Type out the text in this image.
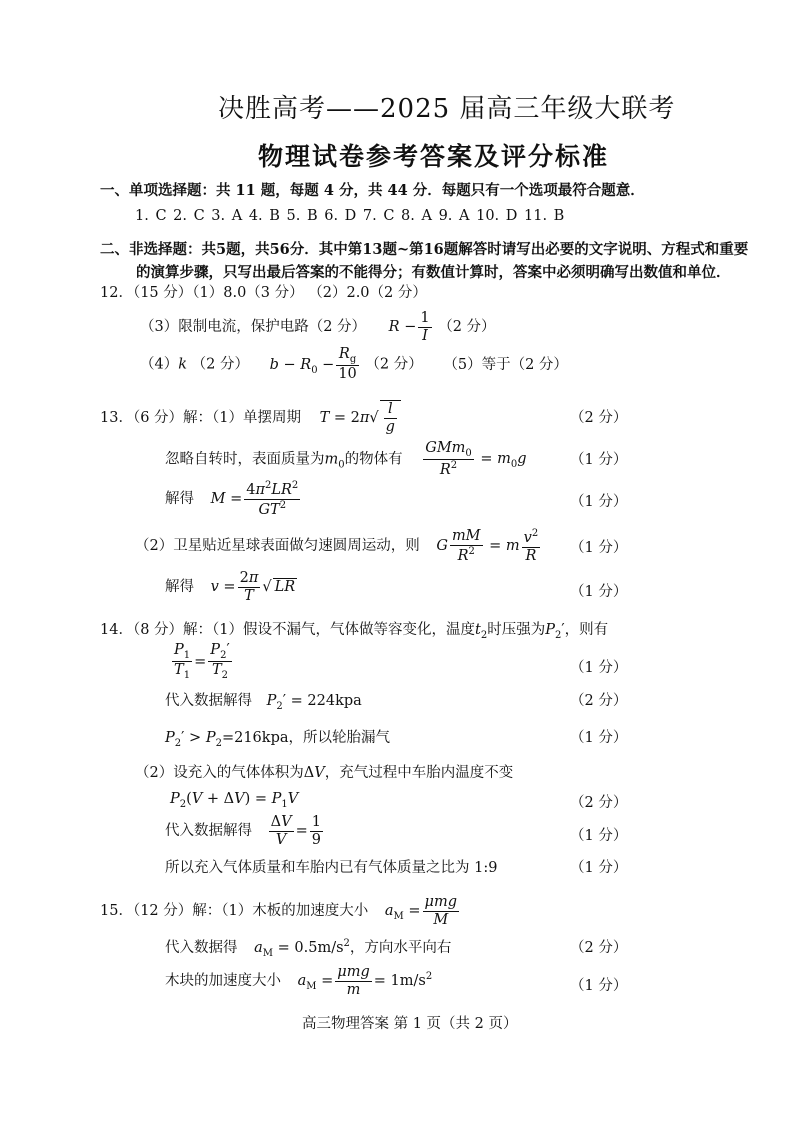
决胜高考——2025 届高三年级大联考
物理试卷参考答案及评分标准
一、单项选择题：共 11 题，每题 4 分，共 44 分．每题只有一个选项最符合题意．
1. C 2. C 3. A 4. B 5. B 6. D 7. C 8. A 9. A 10. D 11. B
二、非选择题：共5题，共56分．其中第13题~第16题解答时请写出必要的文字说明、方程式和重要
的演算步骤，只写出最后答案的不能得分；有数值计算时，答案中必须明确写出数值和单位．
12．（15 分）（1）8.0（3 分） （2）2.0（2 分）
（3）限制电流，保护电路（2 分） $R - \frac{1}{I} (2$ 分）
（4）k （2 分） $b - R_0 - \frac{R_g}{10} (2$ 分） （5）等于（2 分）
13．（6 分）解：（1）单摆周期 $T = 2\pi√ \frac{l}{g}$	（2 分）
忽略自转时，表面质量为$m_0$的物体有 $\frac{GMm_0}{R^2} = m_0g$	（1 分）
解得 $M = \frac{4\pi^2LR^2}{GT^2}$	（1 分）
（2）卫星贴近星球表面做匀速圆周运动，则 G $\frac{mM}{R^2} = m \frac{v^2}{R} (1$ 分）
解得 $v = \frac{2\pi}{T}$ √ LR	（1 分）
14．（8 分）解：（1）假设不漏气，气体做等容变化，温度$t_2$时压强为$P_2'$，则有
$\frac{P_1}{T_1} = \frac{P_2'}{T_2}$	（1 分）
代入数据解得 $P_2' = 224kpa$	（2 分）
$P_2' > P_2=216kpa$，所以轮胎漏气	（1 分）
（2）设充入的气体体积为ΔV，充气过程中车胎内温度不变
$P_2(V + \Delta V) = P_1V$	（2 分）
代入数据解得 $\frac{\Delta V}{V} = \frac{1}{9}$	（1 分）
所以充入气体质量和车胎内已有气体质量之比为 1:9	（1 分）
15．（12 分）解：（1）木板的加速度大小 $a_M = \frac{\text{μmg}}{M}$
代入数据得 $a_M = 0.5m/s^2$，方向水平向右	（2 分）
木块的加速度大小 $a_M = \frac{\text{μmg}}{m} = 1m/s^2$
（1 分）
高三物理答案 第 1 页（共 2 页）
